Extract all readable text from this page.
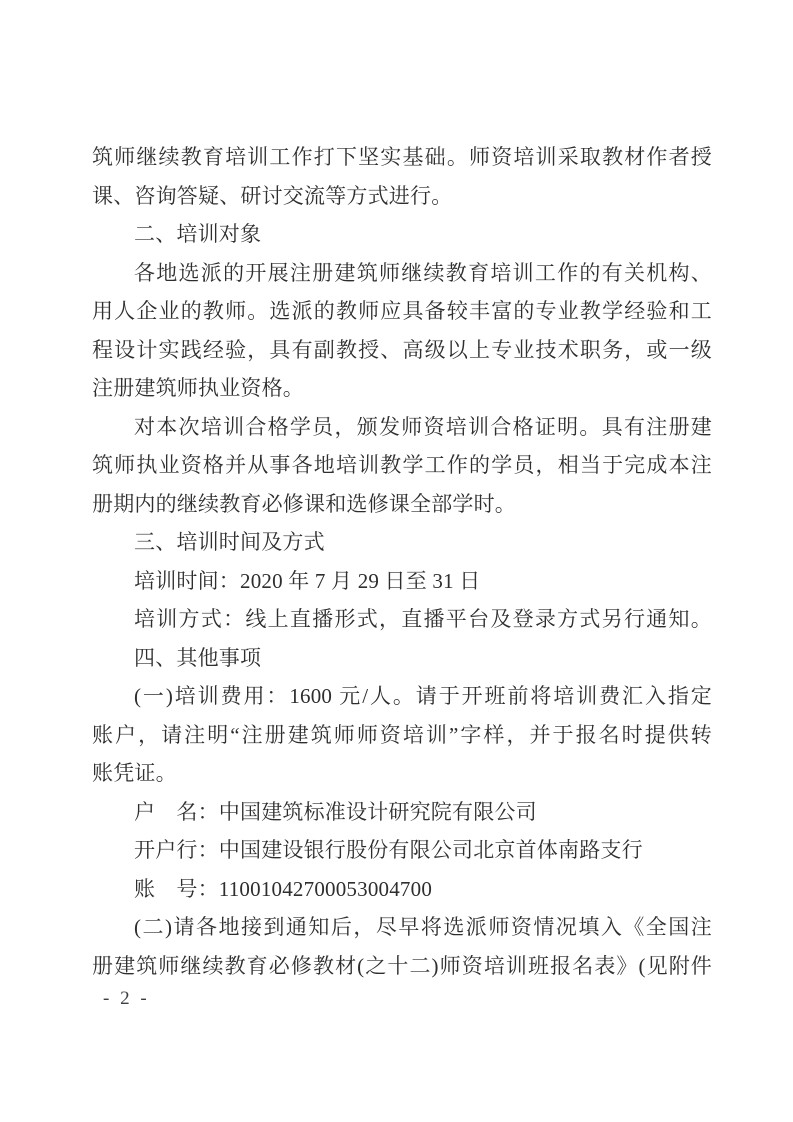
筑师继续教育培训工作打下坚实基础。师资培训采取教材作者授
课、咨询答疑、研讨交流等方式进行。
二、培训对象
各地选派的开展注册建筑师继续教育培训工作的有关机构、
用人企业的教师。选派的教师应具备较丰富的专业教学经验和工
程设计实践经验，具有副教授、高级以上专业技术职务，或一级
注册建筑师执业资格。
对本次培训合格学员，颁发师资培训合格证明。具有注册建
筑师执业资格并从事各地培训教学工作的学员，相当于完成本注
册期内的继续教育必修课和选修课全部学时。
三、培训时间及方式
培训时间：2020 年 7 月 29 日至 31 日
培训方式：线上直播形式，直播平台及登录方式另行通知。
四、其他事项
(一)培训费用：1600 元/人。请于开班前将培训费汇入指定
账户，请注明“注册建筑师师资培训”字样，并于报名时提供转
账凭证。
户　名：中国建筑标准设计研究院有限公司
开户行：中国建设银行股份有限公司北京首体南路支行
账　号：11001042700053004700
(二)请各地接到通知后，尽早将选派师资情况填入《全国注
册建筑师继续教育必修教材(之十二)师资培训班报名表》(见附件
- 2 -
